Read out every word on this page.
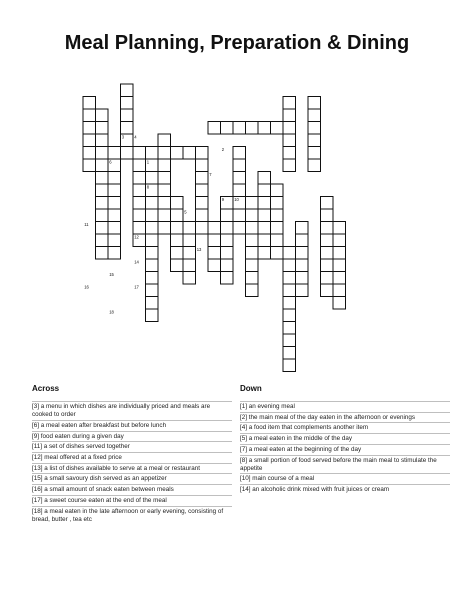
Meal Planning, Preparation & Dining
1
2
3 4
5
6
7
8
9 10
11
12
13
14
15
16	17
18
Across
[3] a menu in which dishes are individually priced and meals are cooked to order
[6] a meal eaten after breakfast but before lunch
[9] food eaten during a given day
[11] a set of dishes served together
[12] meal offered at a fixed price
[13] a list of dishes available to serve at a meal or restaurant
[15] a small savoury dish served as an appetizer
[16] a small amount of snack eaten between meals
[17] a sweet course eaten at the end of the meal
[18] a meal eaten in the late afternoon or early evening, consisting of bread, butter , tea etc
Down
[1] an evening meal
[2] the main meal of the day eaten in the afternoon or evenings
[4] a food item that complements another item
[5] a meal eaten in the middle of the day
[7] a meal eaten at the beginning of the day
[8] a small portion of food served before the main meal to stimulate the appetite
[10] main course of a meal
[14] an alcoholic drink mixed with fruit juices or cream
